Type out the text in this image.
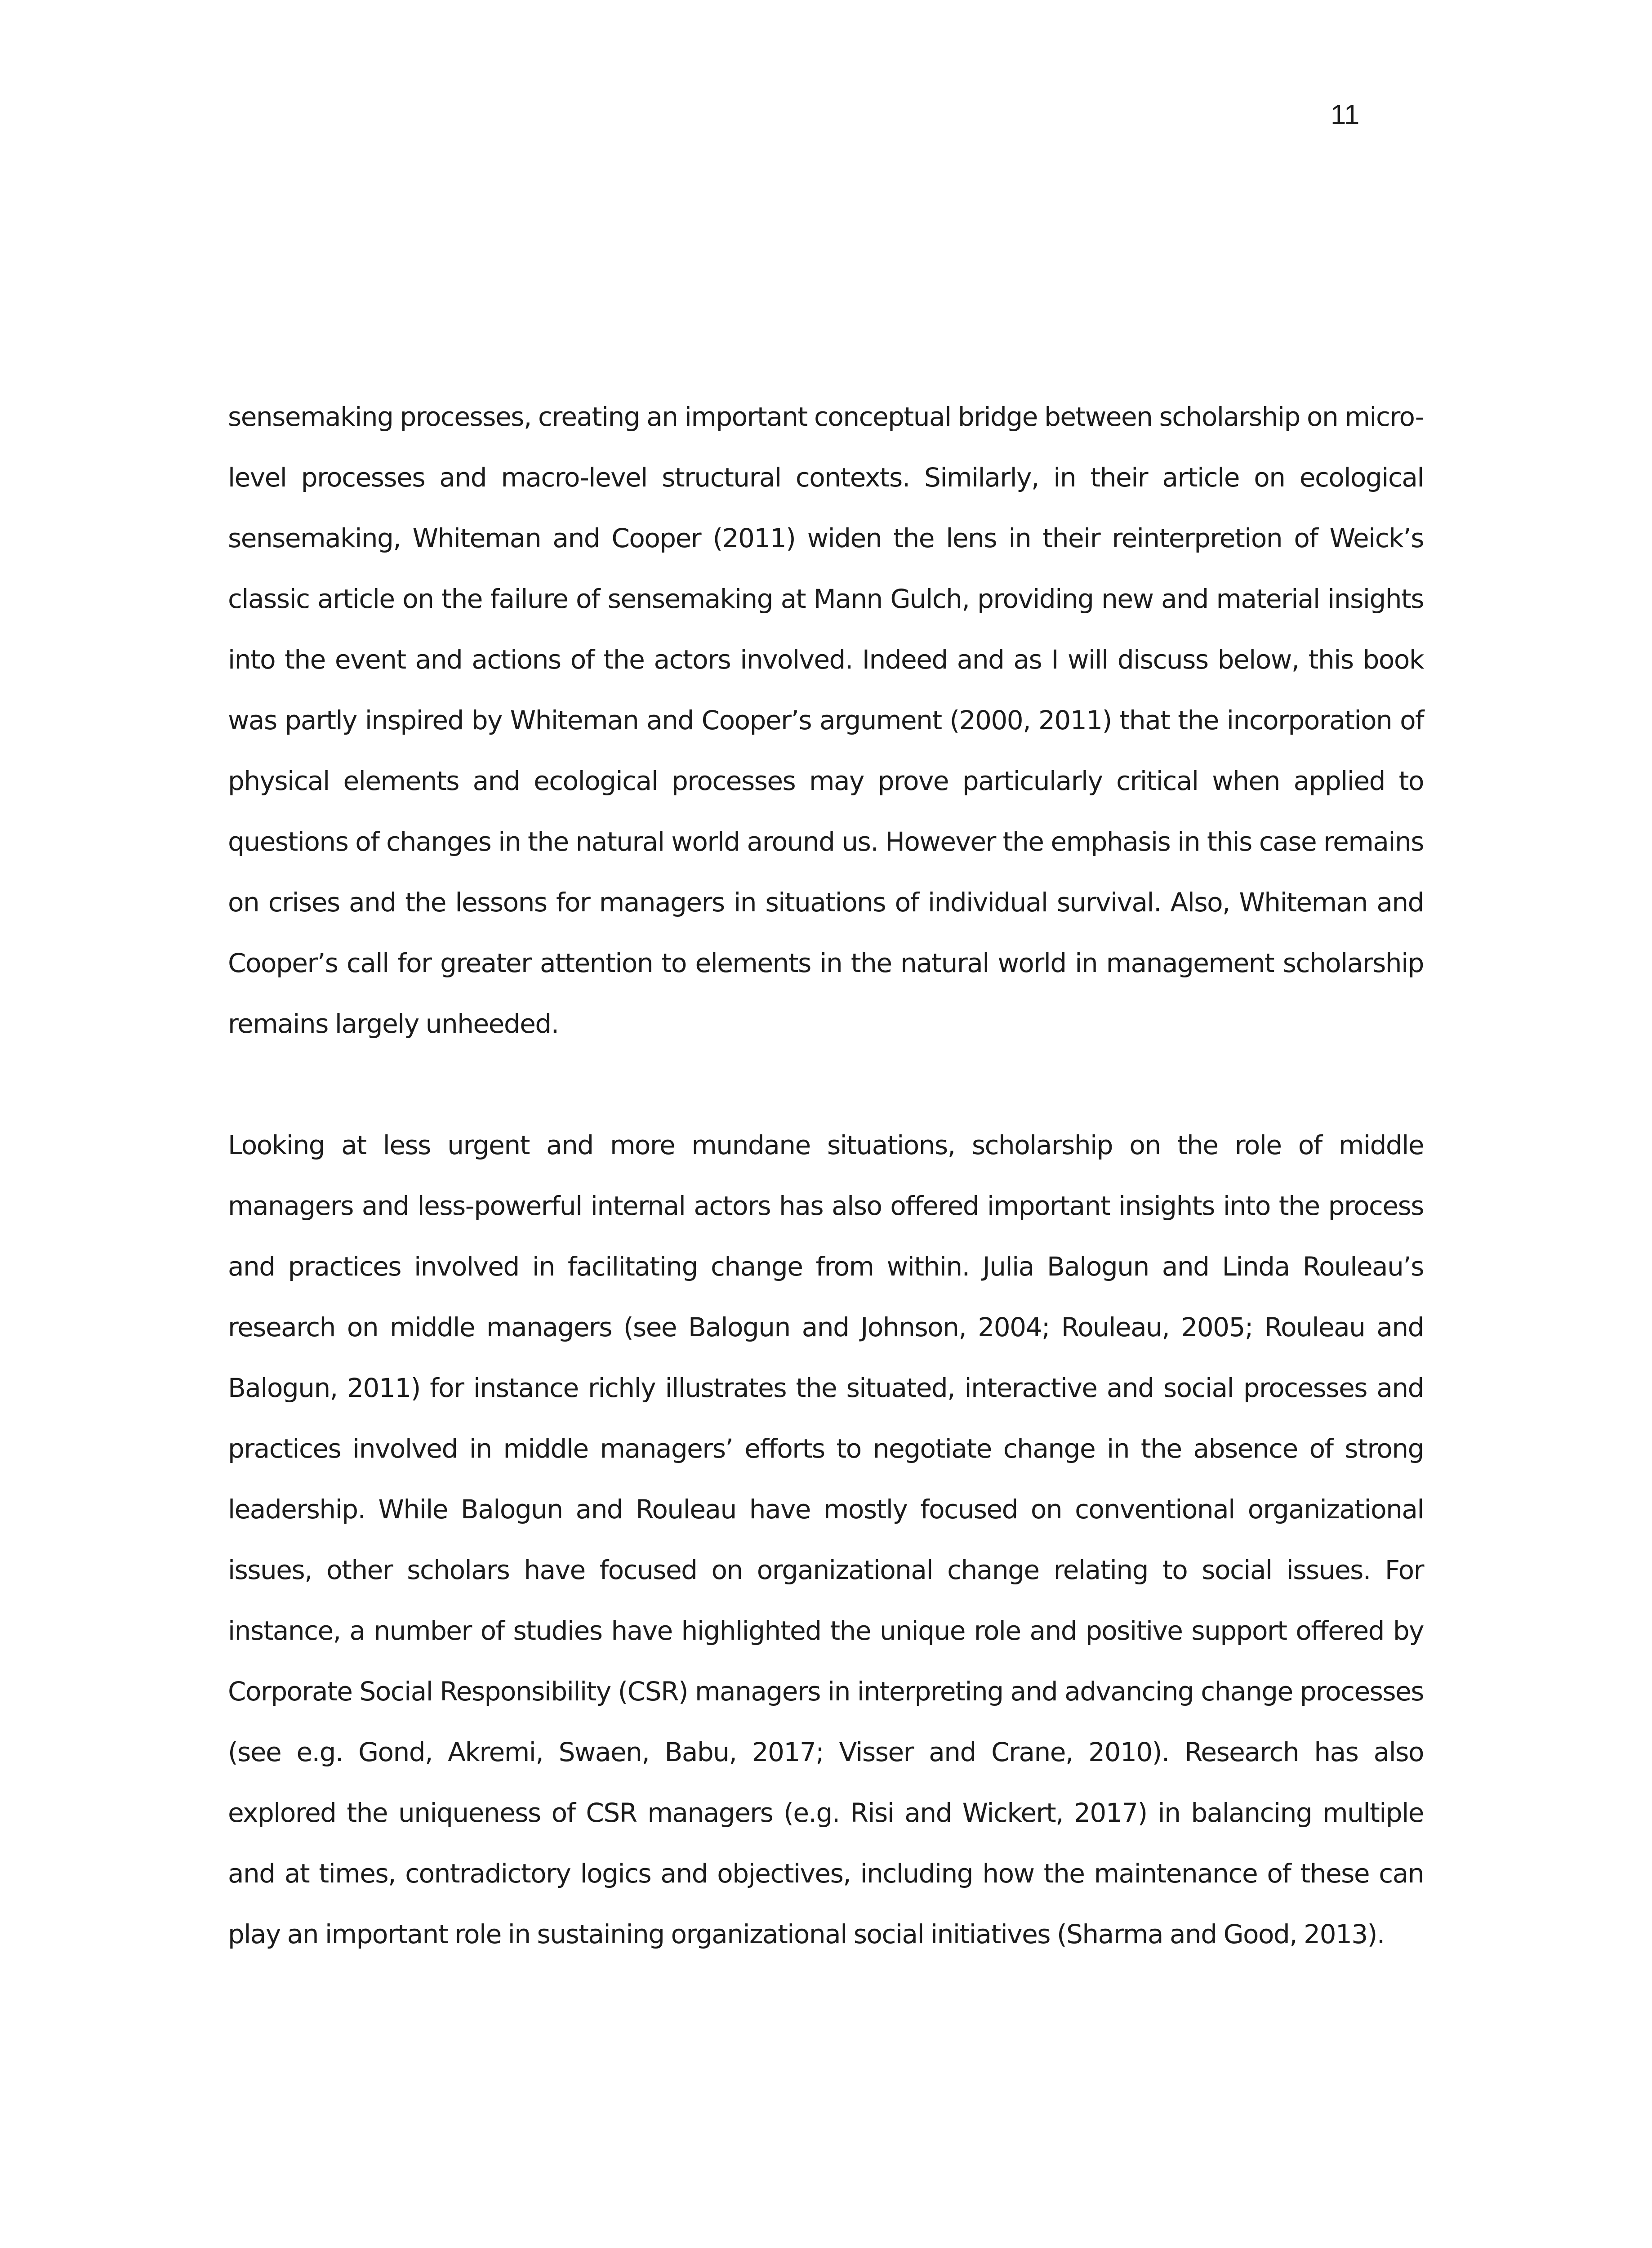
11

sensemaking processes, creating an important conceptual bridge between scholarship on micro-level processes and macro-level structural contexts. Similarly, in their article on ecological sensemaking, Whiteman and Cooper (2011) widen the lens in their reinterpretion of Weick’s classic article on the failure of sensemaking at Mann Gulch, providing new and material insights into the event and actions of the actors involved. Indeed and as I will discuss below, this book was partly inspired by Whiteman and Cooper’s argument (2000, 2011) that the incorporation of physical elements and ecological processes may prove particularly critical when applied to questions of changes in the natural world around us. However the emphasis in this case remains on crises and the lessons for managers in situations of individual survival. Also, Whiteman and Cooper’s call for greater attention to elements in the natural world in management scholarship remains largely unheeded.

Looking at less urgent and more mundane situations, scholarship on the role of middle managers and less-powerful internal actors has also offered important insights into the process and practices involved in facilitating change from within. Julia Balogun and Linda Rouleau’s research on middle managers (see Balogun and Johnson, 2004; Rouleau, 2005; Rouleau and Balogun, 2011) for instance richly illustrates the situated, interactive and social processes and practices involved in middle managers’ efforts to negotiate change in the absence of strong leadership. While Balogun and Rouleau have mostly focused on conventional organizational issues, other scholars have focused on organizational change relating to social issues. For instance, a number of studies have highlighted the unique role and positive support offered by Corporate Social Responsibility (CSR) managers in interpreting and advancing change processes (see e.g. Gond, Akremi, Swaen, Babu, 2017; Visser and Crane, 2010). Research has also explored the uniqueness of CSR managers (e.g. Risi and Wickert, 2017) in balancing multiple and at times, contradictory logics and objectives, including how the maintenance of these can play an important role in sustaining organizational social initiatives (Sharma and Good, 2013).
